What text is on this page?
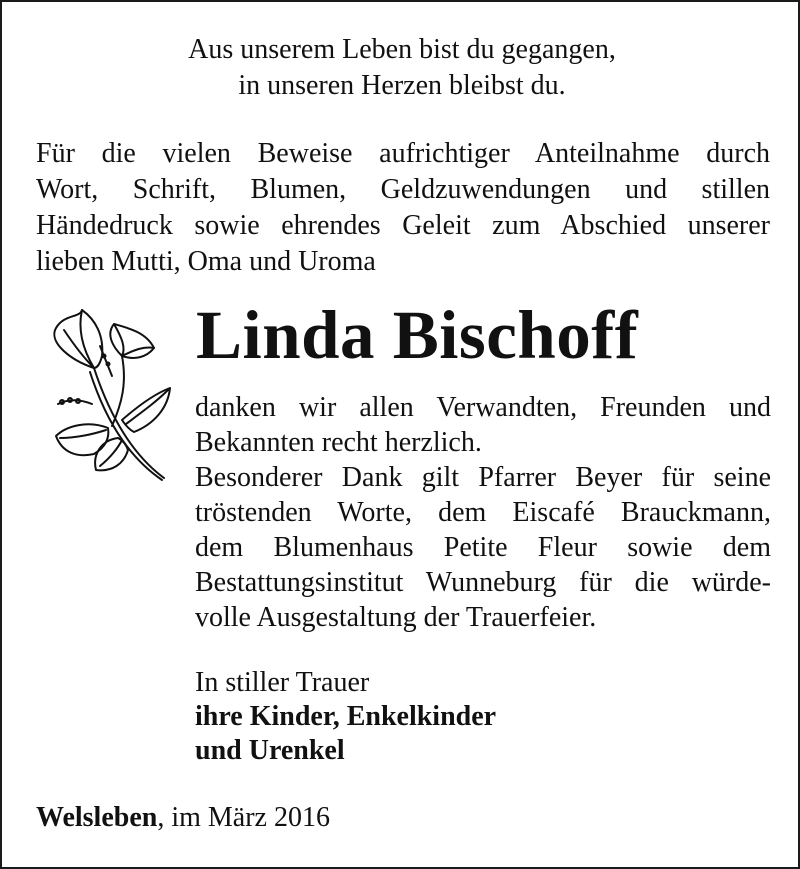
Aus unserem Leben bist du gegangen,
in unseren Herzen bleibst du.
Für die vielen Beweise aufrichtiger Anteilnahme durch
Wort, Schrift, Blumen, Geldzuwendungen und stillen
Händedruck sowie ehrendes Geleit zum Abschied unserer
lieben Mutti, Oma und Uroma
Linda Bischoff
danken wir allen Verwandten, Freunden und
Bekannten recht herzlich.
Besonderer Dank gilt Pfarrer Beyer für seine
tröstenden Worte, dem Eiscafé Brauckmann,
dem Blumenhaus Petite Fleur sowie dem
Bestattungsinstitut Wunneburg für die würde-
volle Ausgestaltung der Trauerfeier.
In stiller Trauer
ihre Kinder, Enkelkinder
und Urenkel
Welsleben, im März 2016
